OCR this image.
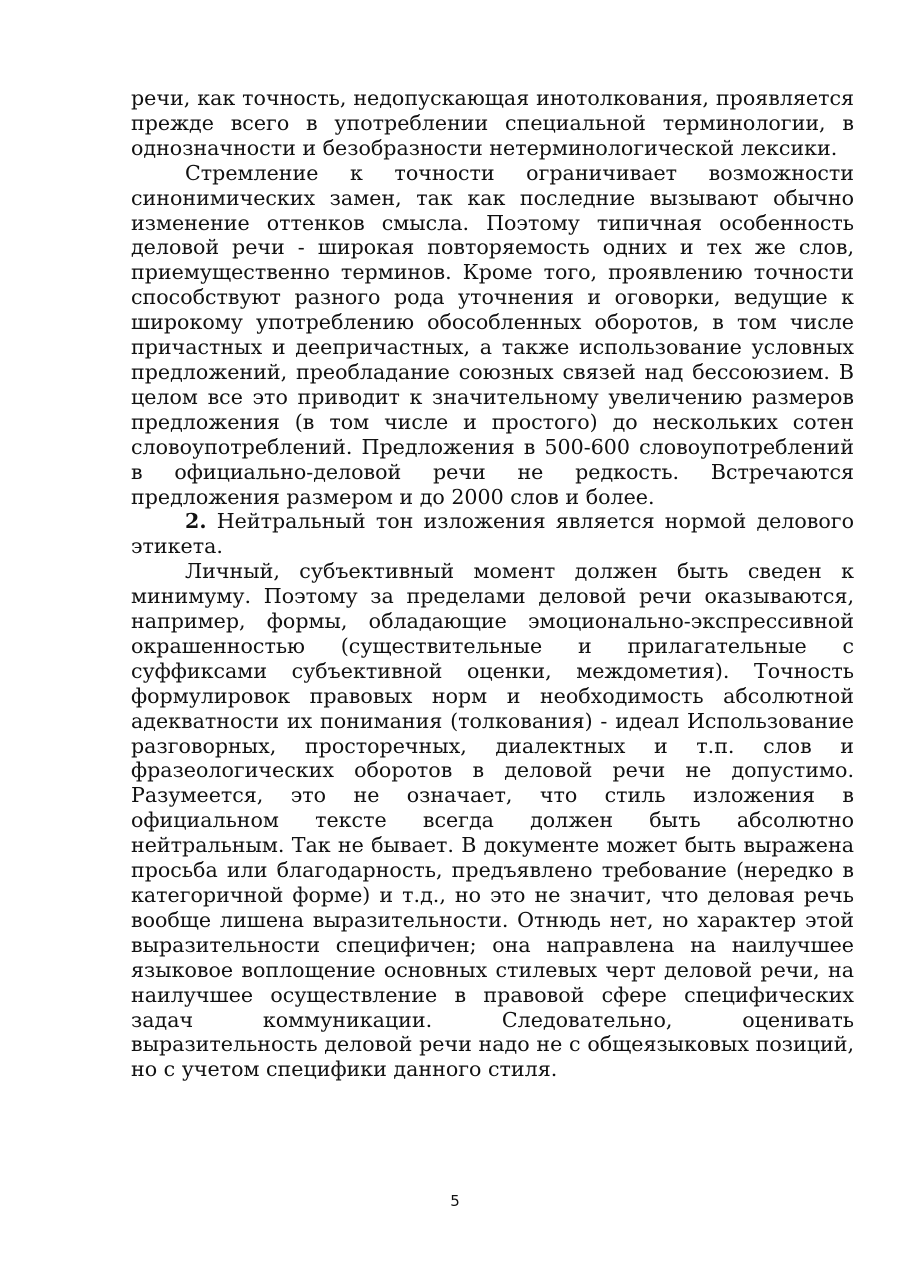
речи, как точность, недопускающая инотолкования, проявляется прежде всего в употреблении специальной терминологии, в однозначности и безобразности нетерминологической лексики.

Стремление к точности ограничивает возможности синонимических замен, так как последние вызывают обычно изменение оттенков смысла. Поэтому типичная особенность деловой речи - широкая повторяемость одних и тех же слов, приемущественно терминов. Кроме того, проявлению точности способствуют разного рода уточнения и оговорки, ведущие к широкому употреблению обособленных оборотов, в том числе причастных и деепричастных, а также использование условных предложений, преобладание союзных связей над бессоюзием. В целом все это приводит к значительному увеличению размеров предложения (в том числе и простого) до нескольких сотен словоупотреблений. Предложения в 500-600 словоупотреблений в официально-деловой речи не редкость. Встречаются предложения размером и до 2000 слов и более.

2. Нейтральный тон изложения является нормой делового этикета.

Личный, субъективный момент должен быть сведен к минимуму. Поэтому за пределами деловой речи оказываются, например, формы, обладающие эмоционально-экспрессивной окрашенностью (существительные и прилагательные с суффиксами субъективной оценки, междометия). Точность формулировок правовых норм и необходимость абсолютной адекватности их понимания (толкования) - идеал Использование разговорных, просторечных, диалектных и т.п. слов и фразеологических оборотов в деловой речи не допустимо. Разумеется, это не означает, что стиль изложения в официальном тексте всегда должен быть абсолютно нейтральным. Так не бывает. В документе может быть выражена просьба или благодарность, предъявлено требование (нередко в категоричной форме) и т.д., но это не значит, что деловая речь вообще лишена выразительности. Отнюдь нет, но характер этой выразительности специфичен; она направлена на наилучшее языковое воплощение основных стилевых черт деловой речи, на наилучшее осуществление в правовой сфере специфических задач коммуникации. Следовательно, оценивать выразительность деловой речи надо не с общеязыковых позиций, но с учетом специфики данного стиля.

5
